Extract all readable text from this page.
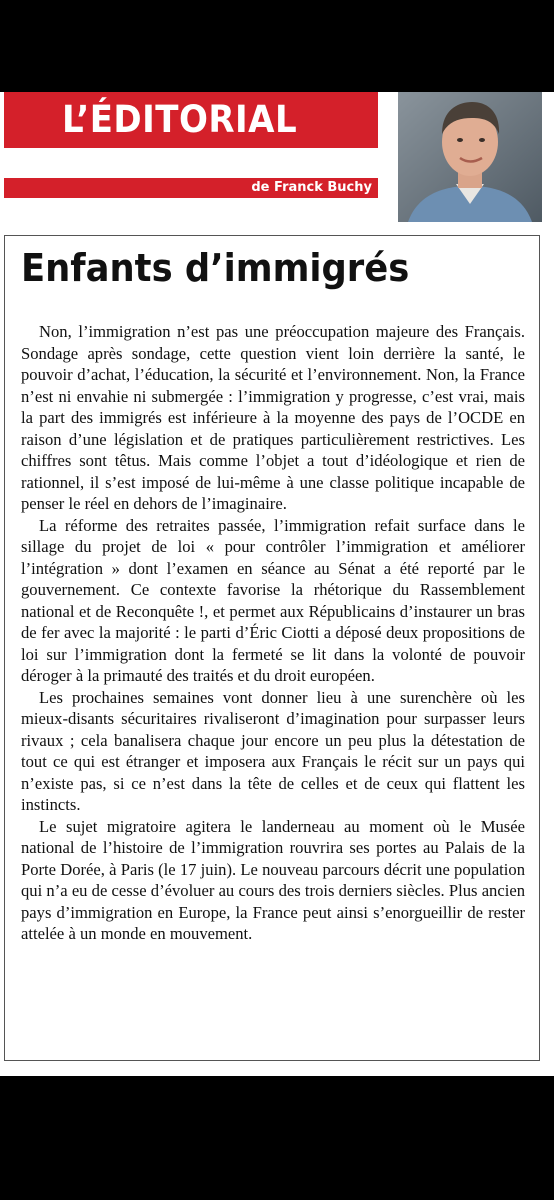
L’ÉDITORIAL
de Franck Buchy
Enfants d’immigrés

Non, l’immigration n’est pas une préoccupation majeure des Français. Sondage après sondage, cette question vient loin derrière la santé, le pouvoir d’achat, l’éducation, la sécurité et l’environnement. Non, la France n’est ni envahie ni submergée : l’immigration y progresse, c’est vrai, mais la part des immigrés est inférieure à la moyenne des pays de l’OCDE en raison d’une législation et de pratiques particulièrement restrictives. Les chiffres sont têtus. Mais comme l’objet a tout d’idéologique et rien de rationnel, il s’est imposé de lui-même à une classe politique incapable de penser le réel en dehors de l’imaginaire.

La réforme des retraites passée, l’immigration refait surface dans le sillage du projet de loi « pour contrôler l’immigration et améliorer l’intégration » dont l’examen en séance au Sénat a été reporté par le gouvernement. Ce contexte favorise la rhétorique du Rassemblement national et de Reconquête !, et permet aux Républicains d’instaurer un bras de fer avec la majorité : le parti d’Éric Ciotti a déposé deux propositions de loi sur l’immigration dont la fermeté se lit dans la volonté de pouvoir déroger à la primauté des traités et du droit européen.

Les prochaines semaines vont donner lieu à une surenchère où les mieux-disants sécuritaires rivaliseront d’imagination pour surpasser leurs rivaux ; cela banalisera chaque jour encore un peu plus la détestation de tout ce qui est étranger et imposera aux Français le récit sur un pays qui n’existe pas, si ce n’est dans la tête de celles et de ceux qui flattent les instincts.

Le sujet migratoire agitera le landerneau au moment où le Musée national de l’histoire de l’immigration rouvrira ses portes au Palais de la Porte Dorée, à Paris (le 17 juin). Le nouveau parcours décrit une population qui n’a eu de cesse d’évoluer au cours des trois derniers siècles. Plus ancien pays d’immigration en Europe, la France peut ainsi s’enorgueillir de rester attelée à un monde en mouvement.
